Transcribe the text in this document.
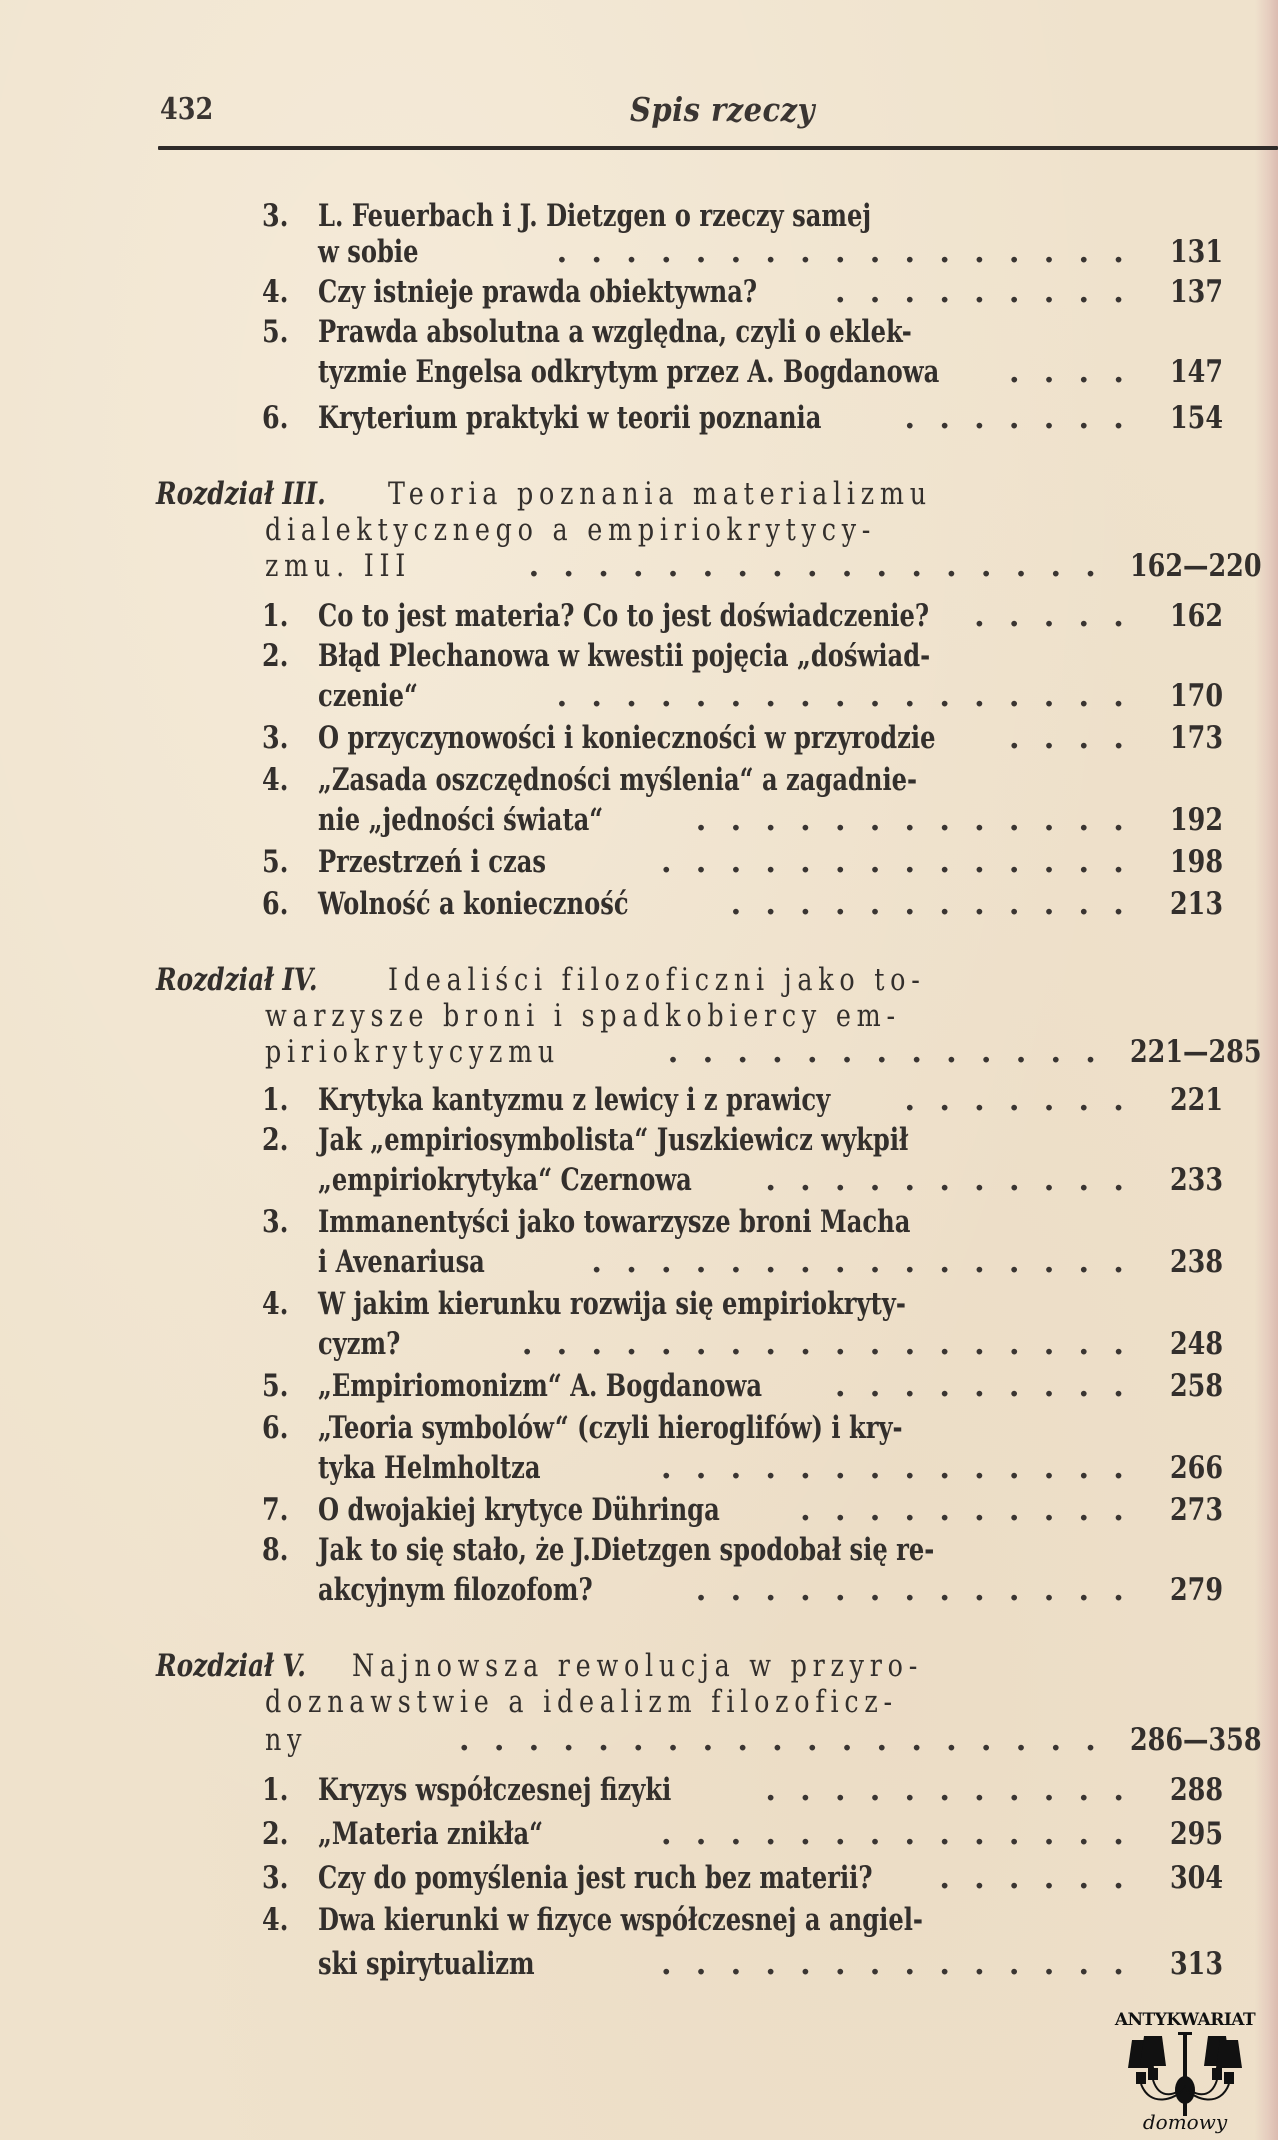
432	Spis rzeczy
3. L. Feuerbach i J. Dietzgen o rzeczy samej
w sobie	................. 131
4. Czy istnieje prawda obiektywna?	......... 137
5. Prawda absolutna a względna, czyli o eklek-
tyzmie Engelsa odkrytym przez A. Bogdanowa	.... 147
6. Kryterium praktyki w teorii poznania	....... 154
Rozdział III. Teoria poznania materializmu
dialektycznego a empiriokrytycy-
zmu. III	................. 162—220
1. Co to jest materia? Co to jest doświadczenie?	..... 162
2. Błąd Plechanowa w kwestii pojęcia „doświad-
czenie“	................. 170
3. O przyczynowości i konieczności w przyrodzie	.... 173
4. „Zasada oszczędności myślenia“ a zagadnie-
nie „jedności świata“	............. 192
5. Przestrzeń i czas	.............. 198
6. Wolność a konieczność	............ 213
Rozdział IV. Idealiści filozoficzni jako to-
warzysze broni i spadkobiercy em-
piriokrytycyzmu	............. 221—285
1. Krytyka kantyzmu z lewicy i z prawicy	....... 221
2. Jak „empiriosymbolista“ Juszkiewicz wykpił
„empiriokrytyka“ Czernowa	........... 233
3. Immanentyści jako towarzysze broni Macha
i Avenariusa	................ 238
4. W jakim kierunku rozwija się empiriokryty-
cyzm?	.................. 248
5. „Empiriomonizm“ A. Bogdanowa	......... 258
6. „Teoria symbolów“ (czyli hieroglifów) i kry-
tyka Helmholtza	.............. 266
7. O dwojakiej krytyce Dühringa	.......... 273
8. Jak to się stało, że J.Dietzgen spodobał się re-
akcyjnym filozofom?	............. 279
Rozdział V. Najnowsza rewolucja w przyro-
doznawstwie a idealizm filozoficz-
ny	................... 286—358
1. Kryzys współczesnej fizyki	........... 288
2. „Materia znikła“	.............. 295
3. Czy do pomyślenia jest ruch bez materii?	...... 304
4. Dwa kierunki w fizyce współczesnej a angiel-
ski spirytualizm	.............. 313
ANTYKWARIAT
domowy
